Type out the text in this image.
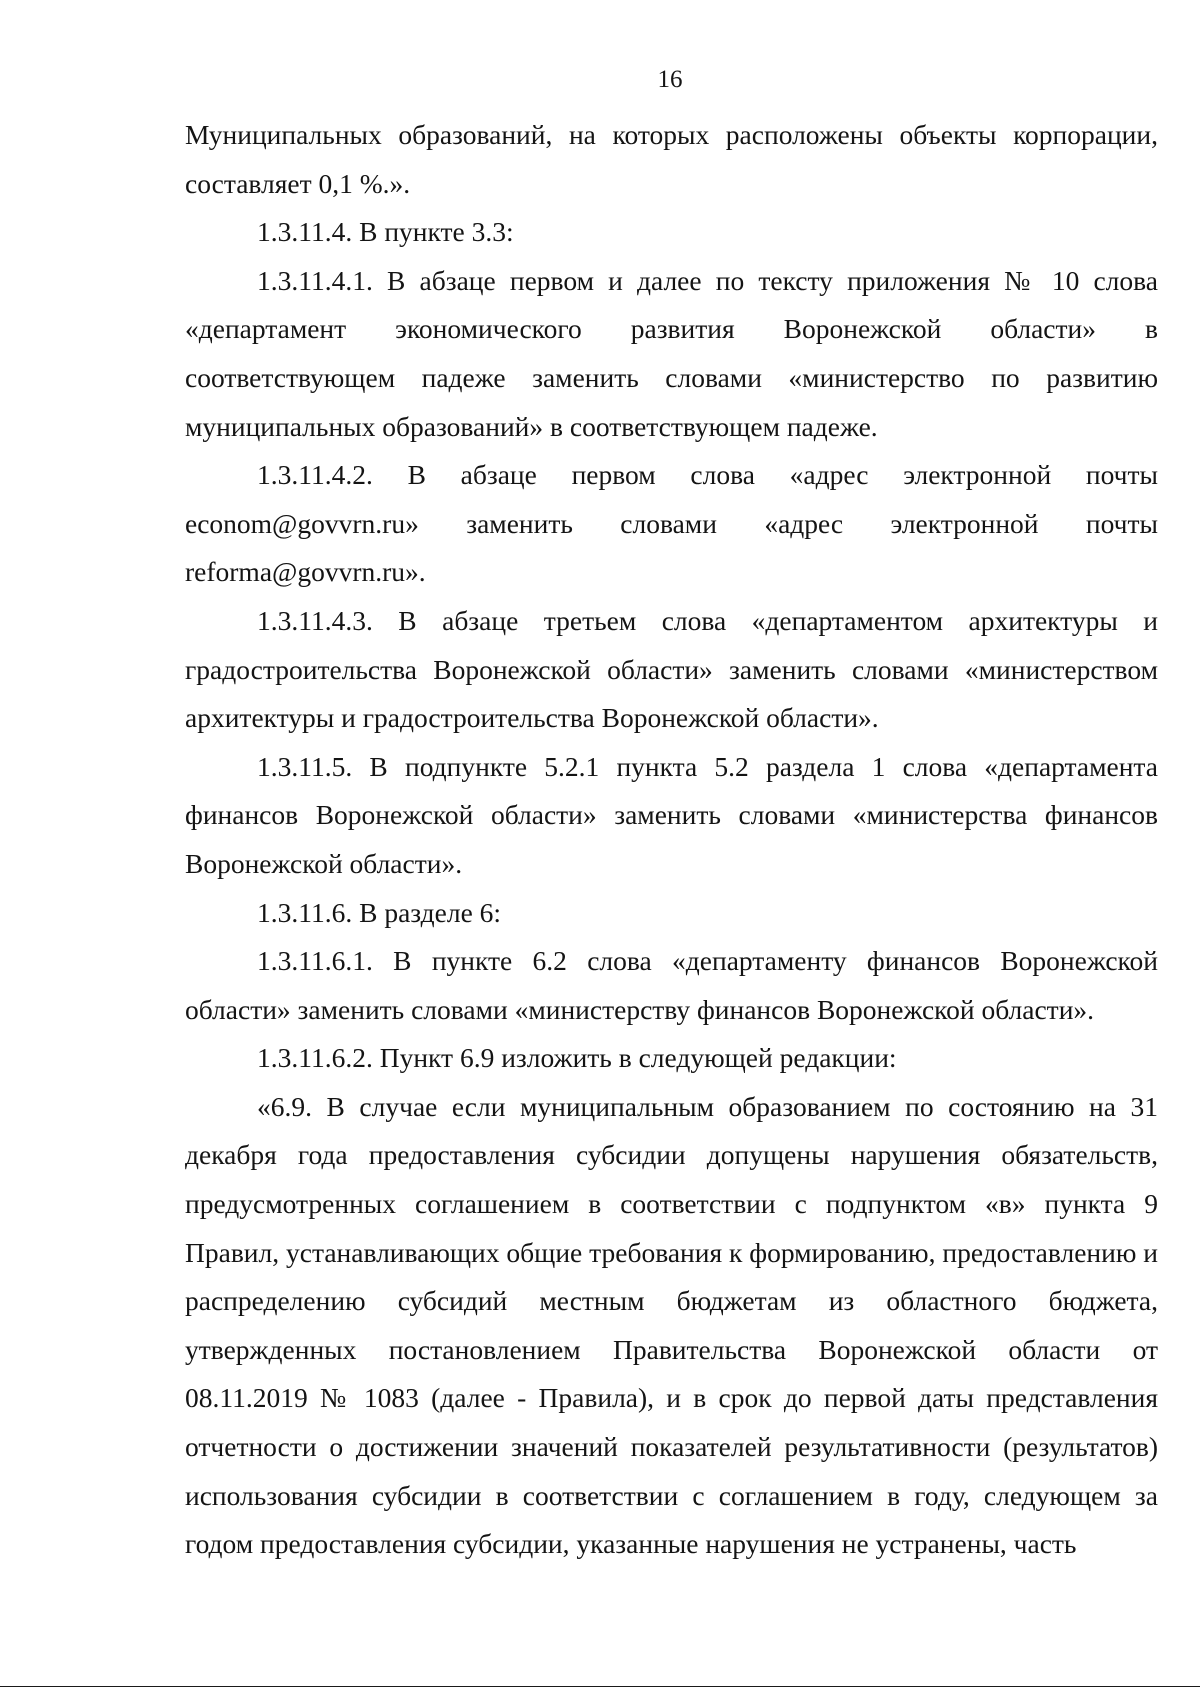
16

Муниципальных образований, на которых расположены объекты корпорации, составляет 0,1 %.».

1.3.11.4. В пункте 3.3:

1.3.11.4.1. В абзаце первом и далее по тексту приложения № 10 слова «департамент экономического развития Воронежской области» в соответствующем падеже заменить словами «министерство по развитию муниципальных образований» в соответствующем падеже.

1.3.11.4.2. В абзаце первом слова «адрес электронной почты econom@govvrn.ru» заменить словами «адрес электронной почты reforma@govvrn.ru».

1.3.11.4.3. В абзаце третьем слова «департаментом архитектуры и градостроительства Воронежской области» заменить словами «министерством архитектуры и градостроительства Воронежской области».

1.3.11.5. В подпункте 5.2.1 пункта 5.2 раздела 1 слова «департамента финансов Воронежской области» заменить словами «министерства финансов Воронежской области».

1.3.11.6. В разделе 6:

1.3.11.6.1. В пункте 6.2 слова «департаменту финансов Воронежской области» заменить словами «министерству финансов Воронежской области».

1.3.11.6.2. Пункт 6.9 изложить в следующей редакции:

«6.9. В случае если муниципальным образованием по состоянию на 31 декабря года предоставления субсидии допущены нарушения обязательств, предусмотренных соглашением в соответствии с подпунктом «в» пункта 9 Правил, устанавливающих общие требования к формированию, предоставлению и распределению субсидий местным бюджетам из областного бюджета, утвержденных постановлением Правительства Воронежской области от 08.11.2019 № 1083 (далее - Правила), и в срок до первой даты представления отчетности о достижении значений показателей результативности (результатов) использования субсидии в соответствии с соглашением в году, следующем за годом предоставления субсидии, указанные нарушения не устранены, часть
